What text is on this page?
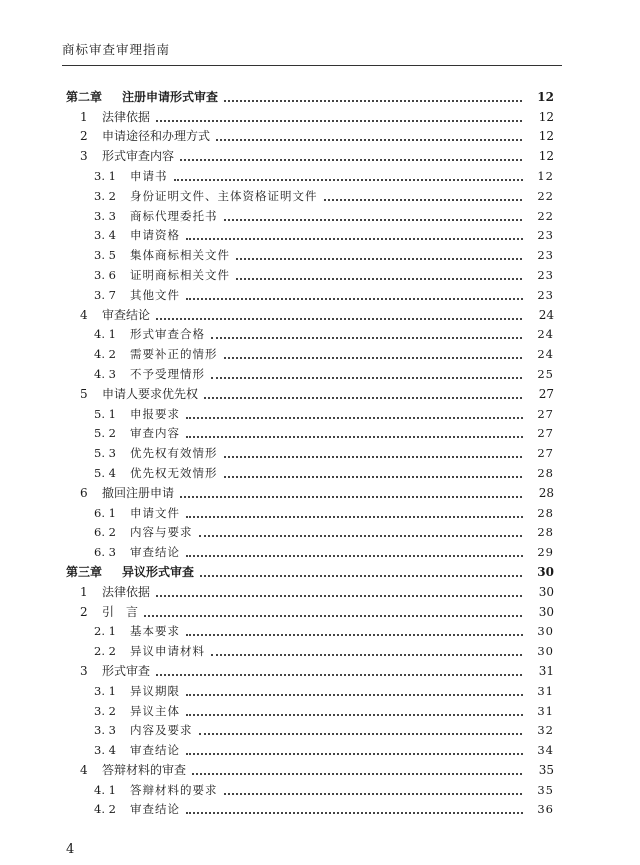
商标审查审理指南
第二章	注册申请形式审查	12
1	法律依据	12
2	申请途径和办理方式	12
3	形式审查内容	12
3. 1	申请书	12
3. 2	身份证明文件、主体资格证明文件	22
3. 3	商标代理委托书	22
3. 4	申请资格	23
3. 5	集体商标相关文件	23
3. 6	证明商标相关文件	23
3. 7	其他文件	23
4	审查结论	24
4. 1	形式审查合格	24
4. 2	需要补正的情形	24
4. 3	不予受理情形	25
5	申请人要求优先权	27
5. 1	申报要求	27
5. 2	审查内容	27
5. 3	优先权有效情形	27
5. 4	优先权无效情形	28
6	撤回注册申请	28
6. 1	申请文件	28
6. 2	内容与要求	28
6. 3	审查结论	29
第三章	异议形式审查	30
1	法律依据	30
2	引　言	30
2. 1	基本要求	30
2. 2	异议申请材料	30
3	形式审查	31
3. 1	异议期限	31
3. 2	异议主体	31
3. 3	内容及要求	32
3. 4	审查结论	34
4	答辩材料的审查	35
4. 1	答辩材料的要求	35
4. 2	审查结论	36
4
